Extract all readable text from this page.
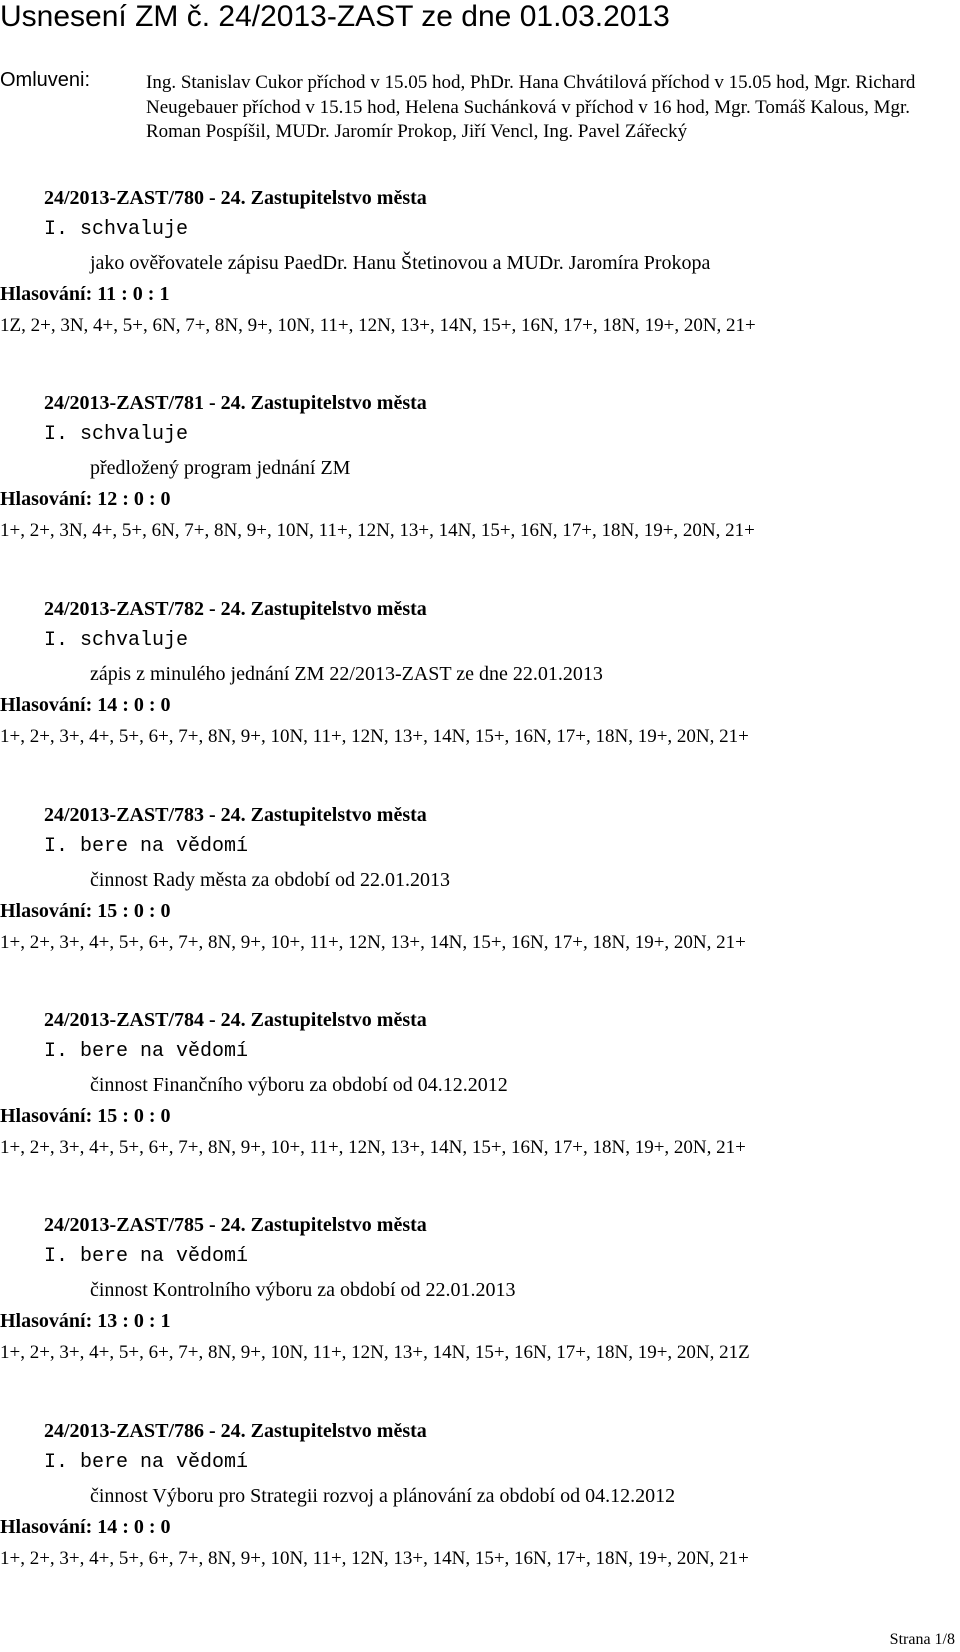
Usnesení ZM č. 24/2013-ZAST ze dne 01.03.2013
Omluveni:	Ing. Stanislav Cukor příchod v 15.05 hod, PhDr. Hana Chvátilová příchod v 15.05 hod, Mgr. Richard Neugebauer příchod v 15.15 hod, Helena Suchánková v příchod v 16 hod, Mgr. Tomáš Kalous, Mgr. Roman Pospíšil, MUDr. Jaromír Prokop, Jiří Vencl, Ing. Pavel Zářecký
24/2013-ZAST/780 - 24. Zastupitelstvo města
I. schvaluje
jako ověřovatele zápisu PaedDr. Hanu Štetinovou a MUDr. Jaromíra Prokopa
Hlasování: 11 : 0 : 1
1Z, 2+, 3N, 4+, 5+, 6N, 7+, 8N, 9+, 10N, 11+, 12N, 13+, 14N, 15+, 16N, 17+, 18N, 19+, 20N, 21+
24/2013-ZAST/781 - 24. Zastupitelstvo města
I. schvaluje
předložený program jednání ZM
Hlasování: 12 : 0 : 0
1+, 2+, 3N, 4+, 5+, 6N, 7+, 8N, 9+, 10N, 11+, 12N, 13+, 14N, 15+, 16N, 17+, 18N, 19+, 20N, 21+
24/2013-ZAST/782 - 24. Zastupitelstvo města
I. schvaluje
zápis z minulého jednání ZM 22/2013-ZAST ze dne 22.01.2013
Hlasování: 14 : 0 : 0
1+, 2+, 3+, 4+, 5+, 6+, 7+, 8N, 9+, 10N, 11+, 12N, 13+, 14N, 15+, 16N, 17+, 18N, 19+, 20N, 21+
24/2013-ZAST/783 - 24. Zastupitelstvo města
I. bere na vědomí
činnost Rady města za období od 22.01.2013
Hlasování: 15 : 0 : 0
1+, 2+, 3+, 4+, 5+, 6+, 7+, 8N, 9+, 10+, 11+, 12N, 13+, 14N, 15+, 16N, 17+, 18N, 19+, 20N, 21+
24/2013-ZAST/784 - 24. Zastupitelstvo města
I. bere na vědomí
činnost Finančního výboru za období od 04.12.2012
Hlasování: 15 : 0 : 0
1+, 2+, 3+, 4+, 5+, 6+, 7+, 8N, 9+, 10+, 11+, 12N, 13+, 14N, 15+, 16N, 17+, 18N, 19+, 20N, 21+
24/2013-ZAST/785 - 24. Zastupitelstvo města
I. bere na vědomí
činnost Kontrolního výboru za období od 22.01.2013
Hlasování: 13 : 0 : 1
1+, 2+, 3+, 4+, 5+, 6+, 7+, 8N, 9+, 10N, 11+, 12N, 13+, 14N, 15+, 16N, 17+, 18N, 19+, 20N, 21Z
24/2013-ZAST/786 - 24. Zastupitelstvo města
I. bere na vědomí
činnost Výboru pro Strategii rozvoj a plánování za období od 04.12.2012
Hlasování: 14 : 0 : 0
1+, 2+, 3+, 4+, 5+, 6+, 7+, 8N, 9+, 10N, 11+, 12N, 13+, 14N, 15+, 16N, 17+, 18N, 19+, 20N, 21+
Strana 1/8
